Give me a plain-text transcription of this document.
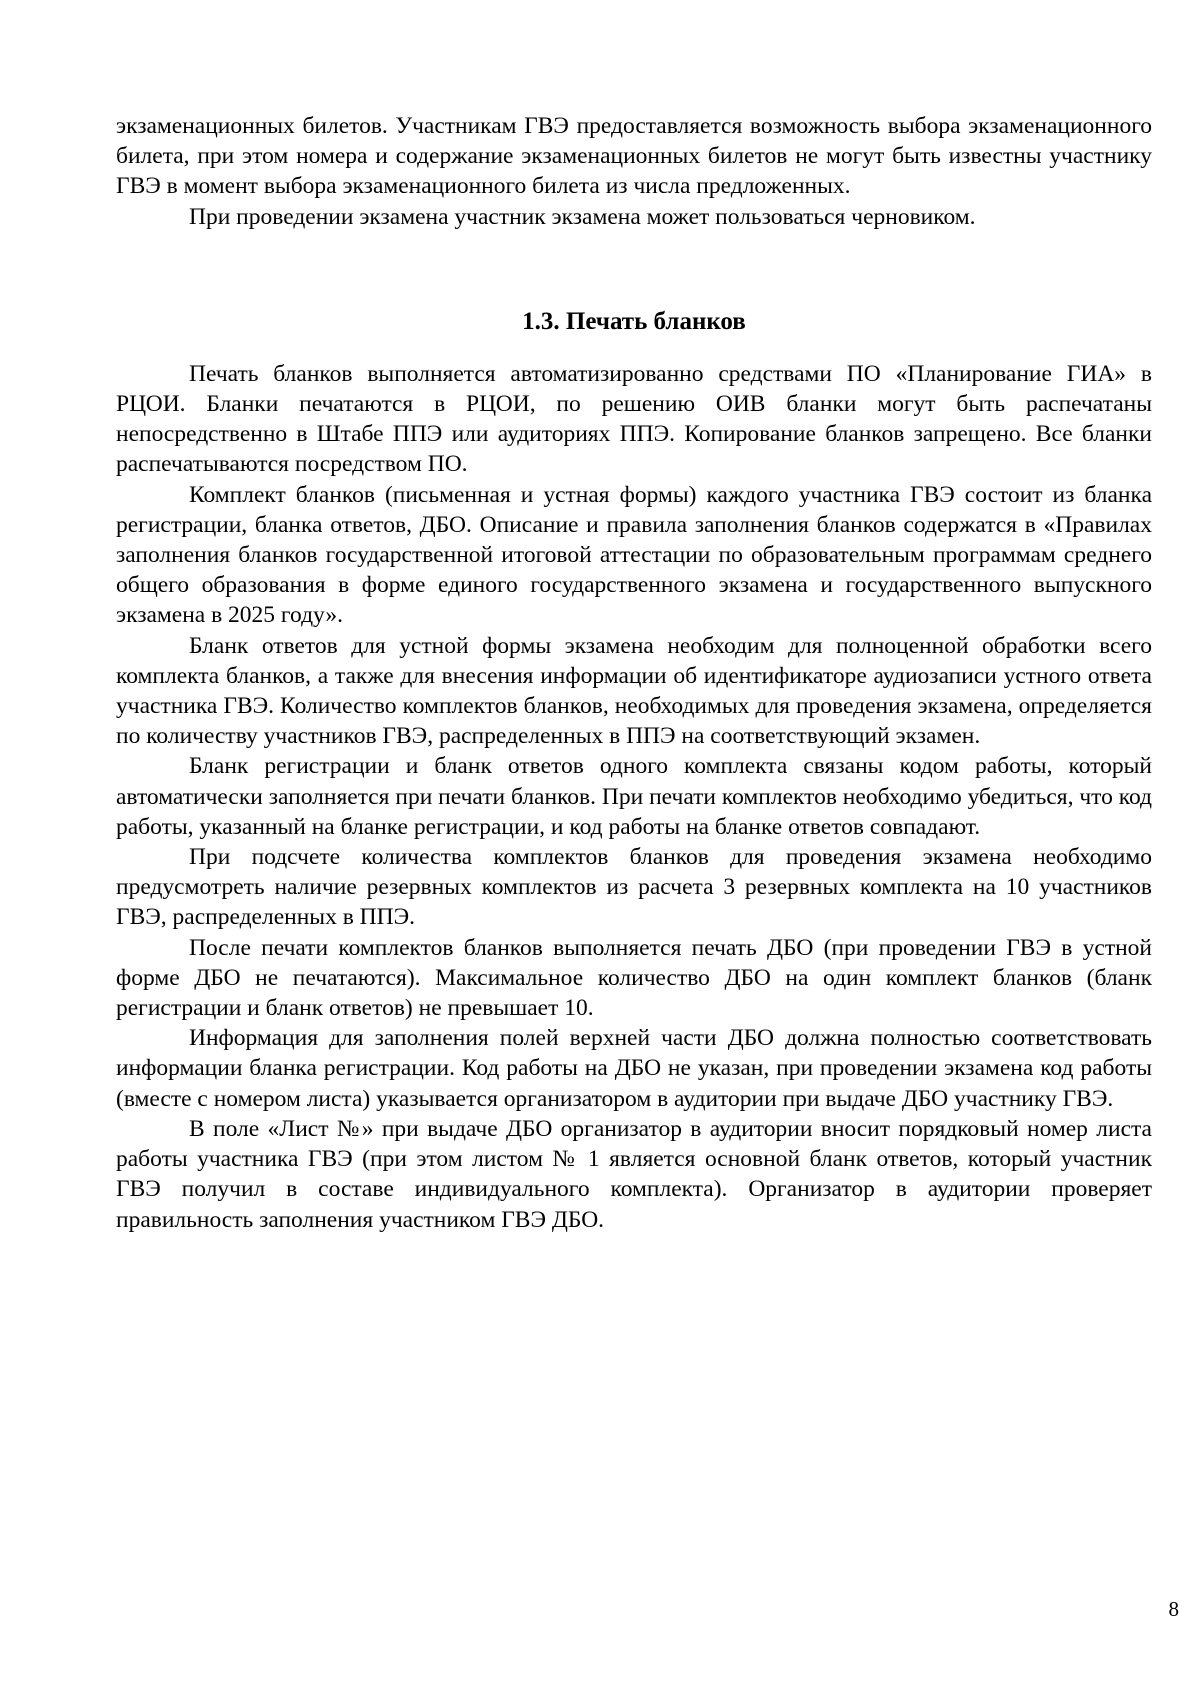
экзаменационных билетов. Участникам ГВЭ предоставляется возможность выбора экзаменационного билета, при этом номера и содержание экзаменационных билетов не могут быть известны участнику ГВЭ в момент выбора экзаменационного билета из числа предложенных.

При проведении экзамена участник экзамена может пользоваться черновиком.

1.3. Печать бланков

Печать бланков выполняется автоматизированно средствами ПО «Планирование ГИА» в РЦОИ. Бланки печатаются в РЦОИ, по решению ОИВ бланки могут быть распечатаны непосредственно в Штабе ППЭ или аудиториях ППЭ. Копирование бланков запрещено. Все бланки распечатываются посредством ПО.

Комплект бланков (письменная и устная формы) каждого участника ГВЭ состоит из бланка регистрации, бланка ответов, ДБО. Описание и правила заполнения бланков содержатся в «Правилах заполнения бланков государственной итоговой аттестации по образовательным программам среднего общего образования в форме единого государственного экзамена и государственного выпускного экзамена в 2025 году».

Бланк ответов для устной формы экзамена необходим для полноценной обработки всего комплекта бланков, а также для внесения информации об идентификаторе аудиозаписи устного ответа участника ГВЭ. Количество комплектов бланков, необходимых для проведения экзамена, определяется по количеству участников ГВЭ, распределенных в ППЭ на соответствующий экзамен.

Бланк регистрации и бланк ответов одного комплекта связаны кодом работы, который автоматически заполняется при печати бланков. При печати комплектов необходимо убедиться, что код работы, указанный на бланке регистрации, и код работы на бланке ответов совпадают.

При подсчете количества комплектов бланков для проведения экзамена необходимо предусмотреть наличие резервных комплектов из расчета 3 резервных комплекта на 10 участников ГВЭ, распределенных в ППЭ.

После печати комплектов бланков выполняется печать ДБО (при проведении ГВЭ в устной форме ДБО не печатаются). Максимальное количество ДБО на один комплект бланков (бланк регистрации и бланк ответов) не превышает 10.

Информация для заполнения полей верхней части ДБО должна полностью соответствовать информации бланка регистрации. Код работы на ДБО не указан, при проведении экзамена код работы (вместе с номером листа) указывается организатором в аудитории при выдаче ДБО участнику ГВЭ.

В поле «Лист №» при выдаче ДБО организатор в аудитории вносит порядковый номер листа работы участника ГВЭ (при этом листом № 1 является основной бланк ответов, который участник ГВЭ получил в составе индивидуального комплекта). Организатор в аудитории проверяет правильность заполнения участником ГВЭ ДБО.

8
